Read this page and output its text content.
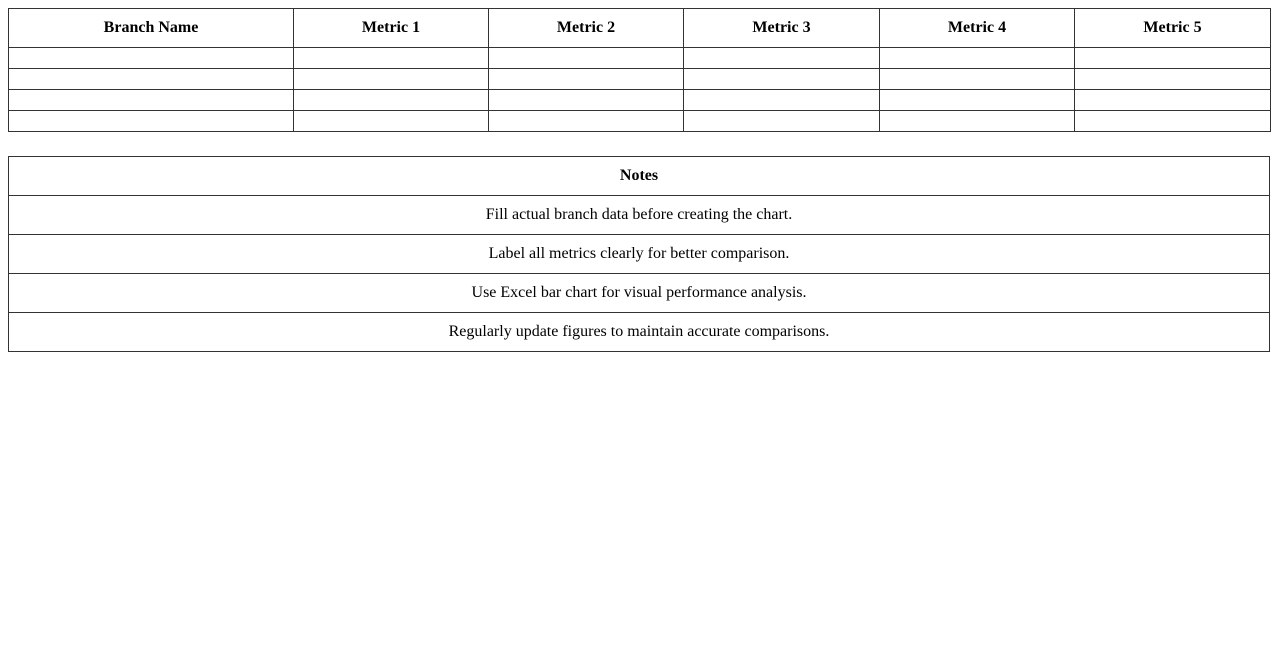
Branch Name	Metric 1	Metric 2	Metric 3	Metric 4	Metric 5

Notes
Fill actual branch data before creating the chart.
Label all metrics clearly for better comparison.
Use Excel bar chart for visual performance analysis.
Regularly update figures to maintain accurate comparisons.
